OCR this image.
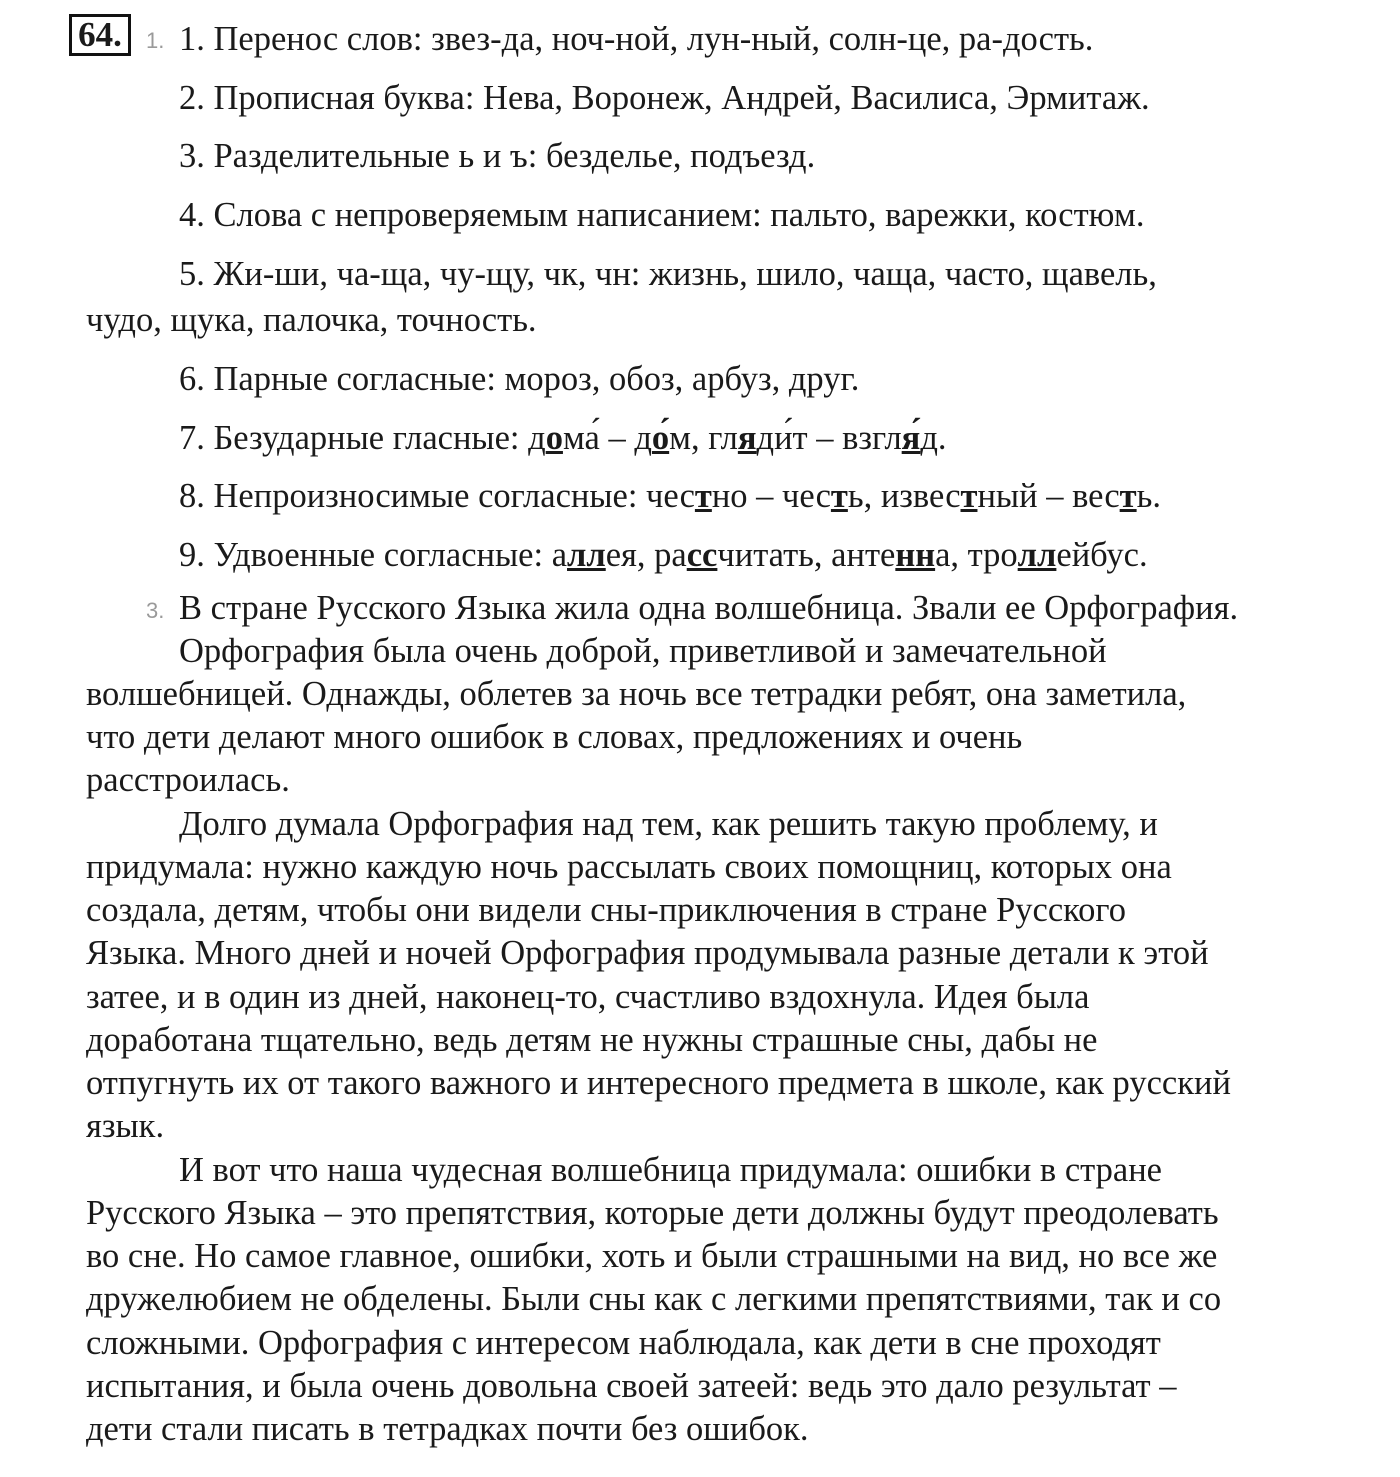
64.	1. 1. Перенос слов: звез-да, ноч-ной, лун-ный, солн-це, ра-дость.
2. Прописная буква: Нева, Воронеж, Андрей, Василиса, Эрмитаж.
3. Разделительные ь и ъ: безделье, подъезд.
4. Слова с непроверяемым написанием: пальто, варежки, костюм.
5. Жи-ши, ча-ща, чу-щу, чк, чн: жизнь, шило, чаща, часто, щавель,
чудо, щука, палочка, точность.
6. Парные согласные: мороз, обоз, арбуз, друг.
7. Безударные гласные: дома́ – до́м, гляди́т – взгля́д.
8. Непроизносимые согласные: честно – честь, известный – весть.
9. Удвоенные согласные: аллея, рассчитать, антенна, троллейбус.
3. В стране Русского Языка жила одна волшебница. Звали ее Орфография.
Орфография была очень доброй, приветливой и замечательной
волшебницей. Однажды, облетев за ночь все тетрадки ребят, она заметила,
что дети делают много ошибок в словах, предложениях и очень
расстроилась.
Долго думала Орфография над тем, как решить такую проблему, и
придумала: нужно каждую ночь рассылать своих помощниц, которых она
создала, детям, чтобы они видели сны-приключения в стране Русского
Языка. Много дней и ночей Орфография продумывала разные детали к этой
затее, и в один из дней, наконец-то, счастливо вздохнула. Идея была
доработана тщательно, ведь детям не нужны страшные сны, дабы не
отпугнуть их от такого важного и интересного предмета в школе, как русский
язык.
И вот что наша чудесная волшебница придумала: ошибки в стране
Русского Языка – это препятствия, которые дети должны будут преодолевать
во сне. Но самое главное, ошибки, хоть и были страшными на вид, но все же
дружелюбием не обделены. Были сны как с легкими препятствиями, так и со
сложными. Орфография с интересом наблюдала, как дети в сне проходят
испытания, и была очень довольна своей затеей: ведь это дало результат –
дети стали писать в тетрадках почти без ошибок.
